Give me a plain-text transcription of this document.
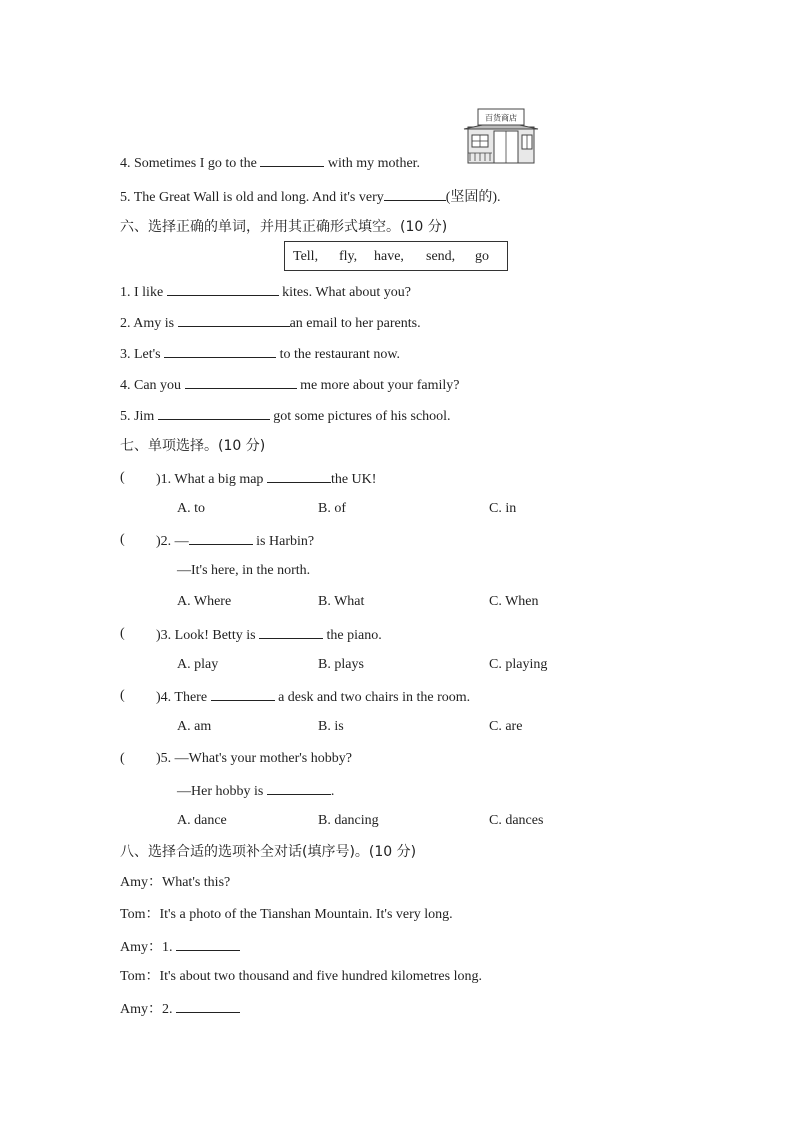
百货商店
4. Sometimes I go to the	with my mother.
5. The Great Wall is old and long. And it's very	(坚固的).
六、选择正确的单词，并用其正确形式填空。(10 分)
Tell, fly, have, send, go
1. I like	kites. What about you?
2. Amy is	an email to her parents.
3. Let's	to the restaurant now.
4. Can you	me more about your family?
5. Jim	got some pictures of his school.
七、单项选择。(10 分)
( )1. What a big map	the UK!
A. to	B. of	C. in
( )2. —	is Harbin?
—It's here, in the north.
A. Where	B. What	C. When
( )3. Look! Betty is	the piano.
A. play	B. plays	C. playing
( )4. There	a desk and two chairs in the room.
A. am	B. is	C. are
( )5. —What's your mother's hobby?
—Her hobby is	.
A. dance	B. dancing	C. dances
八、选择合适的选项补全对话(填序号)。(10 分)
Amy：What's this?
Tom：It's a photo of the Tianshan Mountain. It's very long.
Amy：1.
Tom：It's about two thousand and five hundred kilometres long.
Amy：2.
